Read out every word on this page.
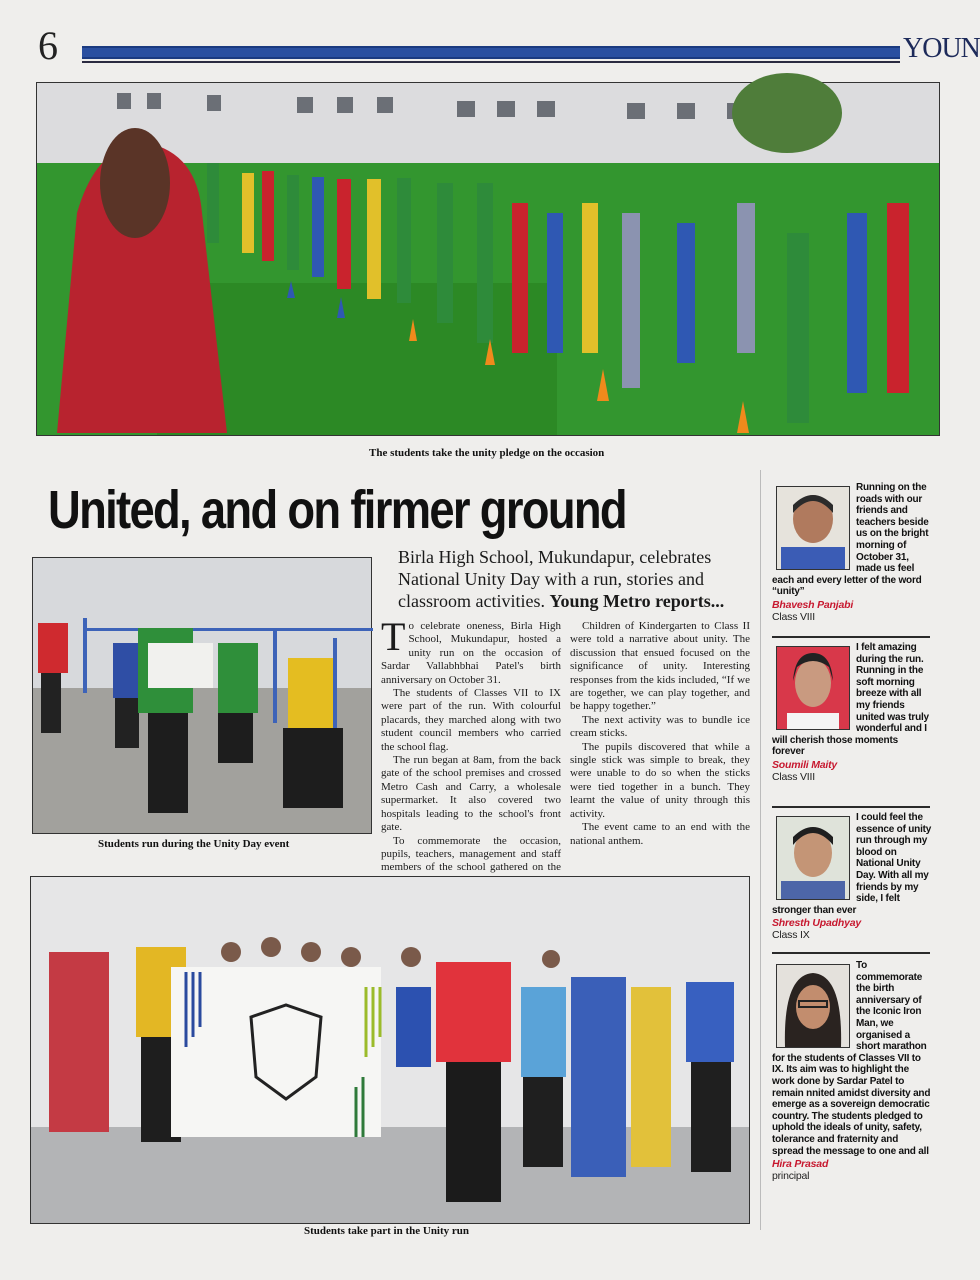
6	YOUN
The students take the unity pledge on the occasion
United, and on firmer ground
Students run during the Unity Day event
Birla High School, Mukundapur, celebrates National Unity Day with a run, stories and classroom activities. Young Metro reports...

To celebrate oneness, Birla High School, Mukundapur, hosted a unity run on the occasion of Sardar Vallabhbhai Patel's birth anniversary on October 31.

The students of Classes VII to IX were part of the run. With colourful placards, they marched along with two student council members who carried the school flag.

The run began at 8am, from the back gate of the school premises and crossed Metro Cash and Carry, a wholesale supermarket. It also covered two hospitals leading to the school's front gate.

To commemorate the occasion, pupils, teachers, management and staff members of the school gathered on the

Children of Kindergarten to Class II were told a narrative about unity. The discussion that ensued focused on the significance of unity. Interesting responses from the kids included, “If we are together, we can play together, and be happy together.”

The next activity was to bundle ice cream sticks.

The pupils discovered that while a single stick was simple to break, they were unable to do so when the sticks were tied together in a bunch. They learnt the value of unity through this activity.

The event came to an end with the national anthem.

Students take part in the Unity run
Running on the roads with our friends and teachers beside us on the bright morning of October 31, made us feel each and every letter of the word “unity”
Bhavesh Panjabi
Class VIII
I felt amazing during the run. Running in the soft morning breeze with all my friends united was truly wonderful and I will cherish those moments forever
Soumili Maity
Class VIII
I could feel the essence of unity run through my blood on National Unity Day. With all my friends by my side, I felt stronger than ever
Shresth Upadhyay
Class IX
To commemorate the birth anniversary of the Iconic Iron Man, we organised a short marathon for the students of Classes VII to IX. Its aim was to highlight the work done by Sardar Patel to remain nnited amidst diversity and emerge as a sovereign democratic country. The students pledged to uphold the ideals of unity, safety, tolerance and fraternity and spread the message to one and all
Hira Prasad
principal
